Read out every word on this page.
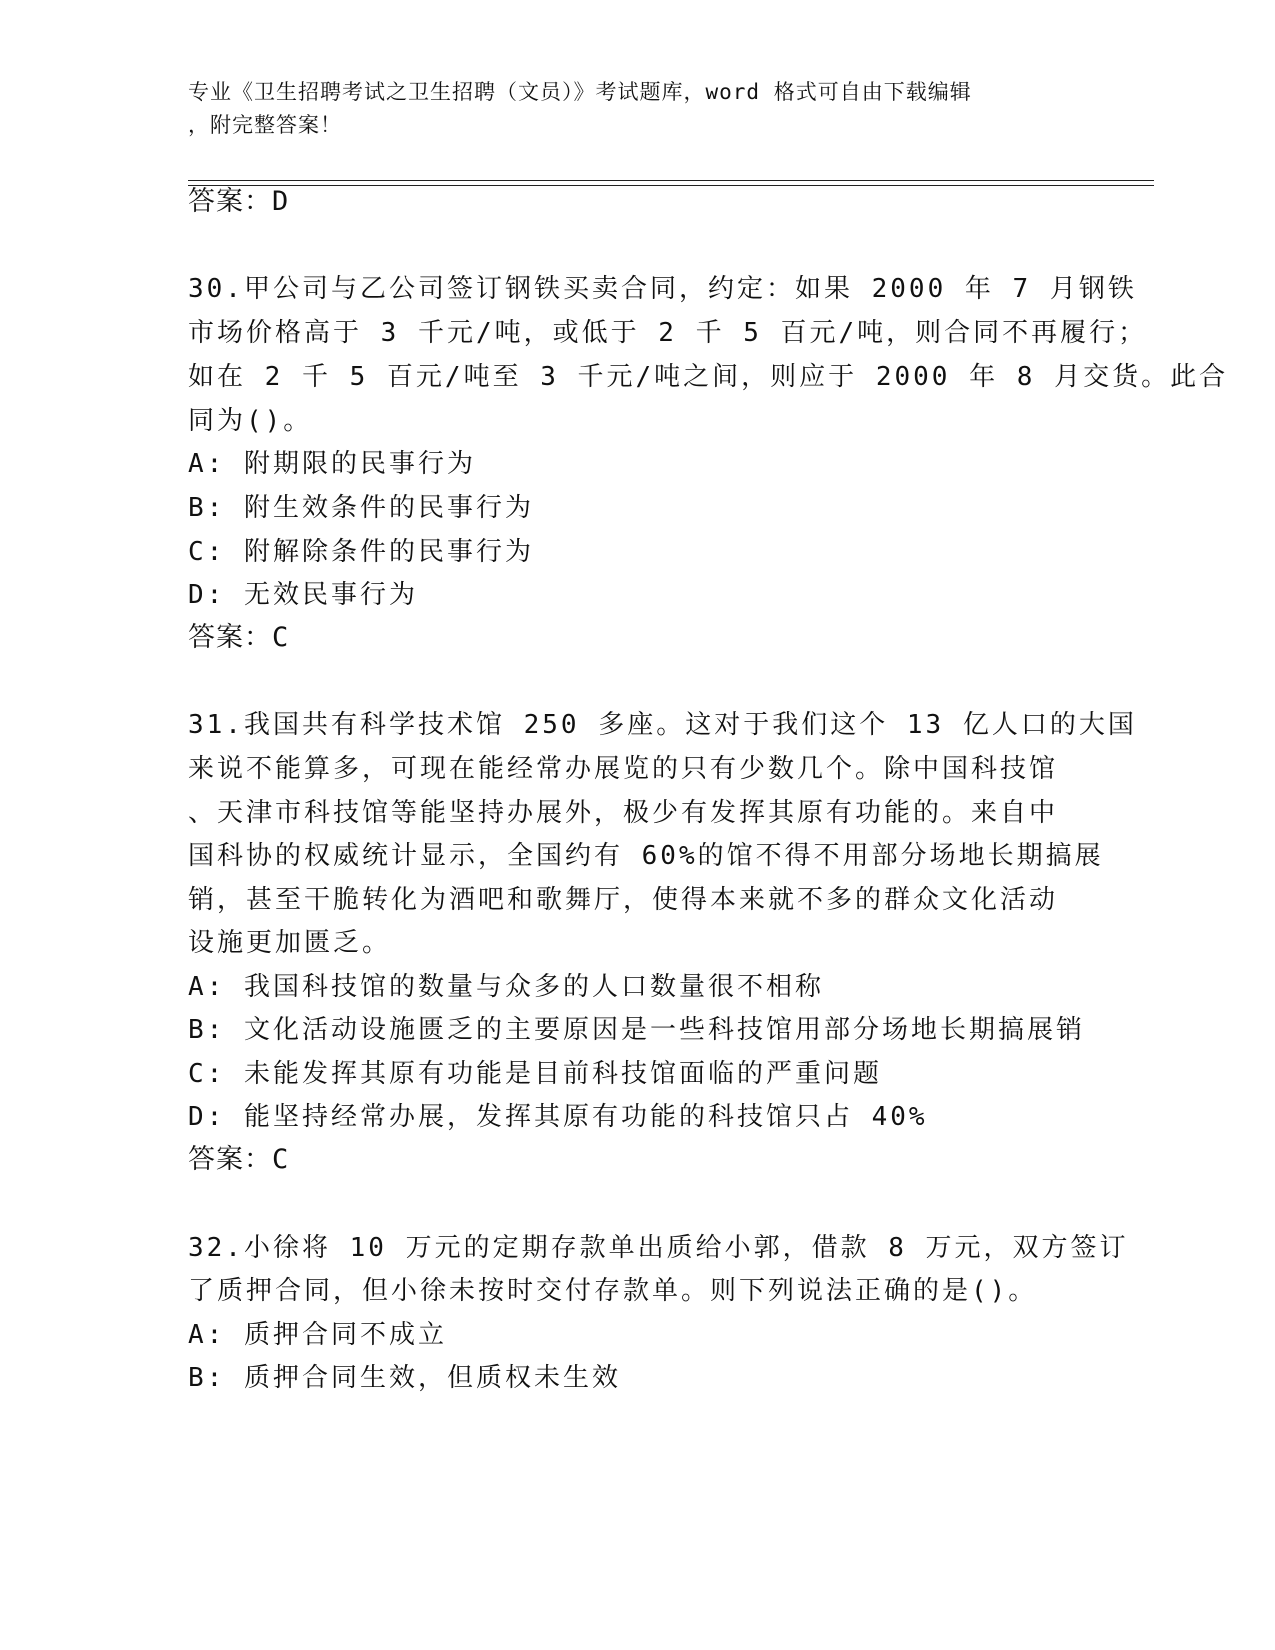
专业《卫生招聘考试之卫生招聘（文员）》考试题库，word 格式可自由下载编辑
，附完整答案！
答案：D
30.甲公司与乙公司签订钢铁买卖合同，约定：如果 2000 年 7 月钢铁
市场价格高于 3 千元/吨，或低于 2 千 5 百元/吨，则合同不再履行；
如在 2 千 5 百元/吨至 3 千元/吨之间，则应于 2000 年 8 月交货。此合
同为()。
A: 附期限的民事行为
B: 附生效条件的民事行为
C: 附解除条件的民事行为
D: 无效民事行为
答案：C
31.我国共有科学技术馆 250 多座。这对于我们这个 13 亿人口的大国
来说不能算多，可现在能经常办展览的只有少数几个。除中国科技馆
、天津市科技馆等能坚持办展外，极少有发挥其原有功能的。来自中
国科协的权威统计显示，全国约有 60%的馆不得不用部分场地长期搞展
销，甚至干脆转化为酒吧和歌舞厅，使得本来就不多的群众文化活动
设施更加匮乏。
A: 我国科技馆的数量与众多的人口数量很不相称
B: 文化活动设施匮乏的主要原因是一些科技馆用部分场地长期搞展销
C: 未能发挥其原有功能是目前科技馆面临的严重问题
D: 能坚持经常办展，发挥其原有功能的科技馆只占 40%
答案：C
32.小徐将 10 万元的定期存款单出质给小郭，借款 8 万元，双方签订
了质押合同，但小徐未按时交付存款单。则下列说法正确的是()。
A: 质押合同不成立
B: 质押合同生效，但质权未生效
